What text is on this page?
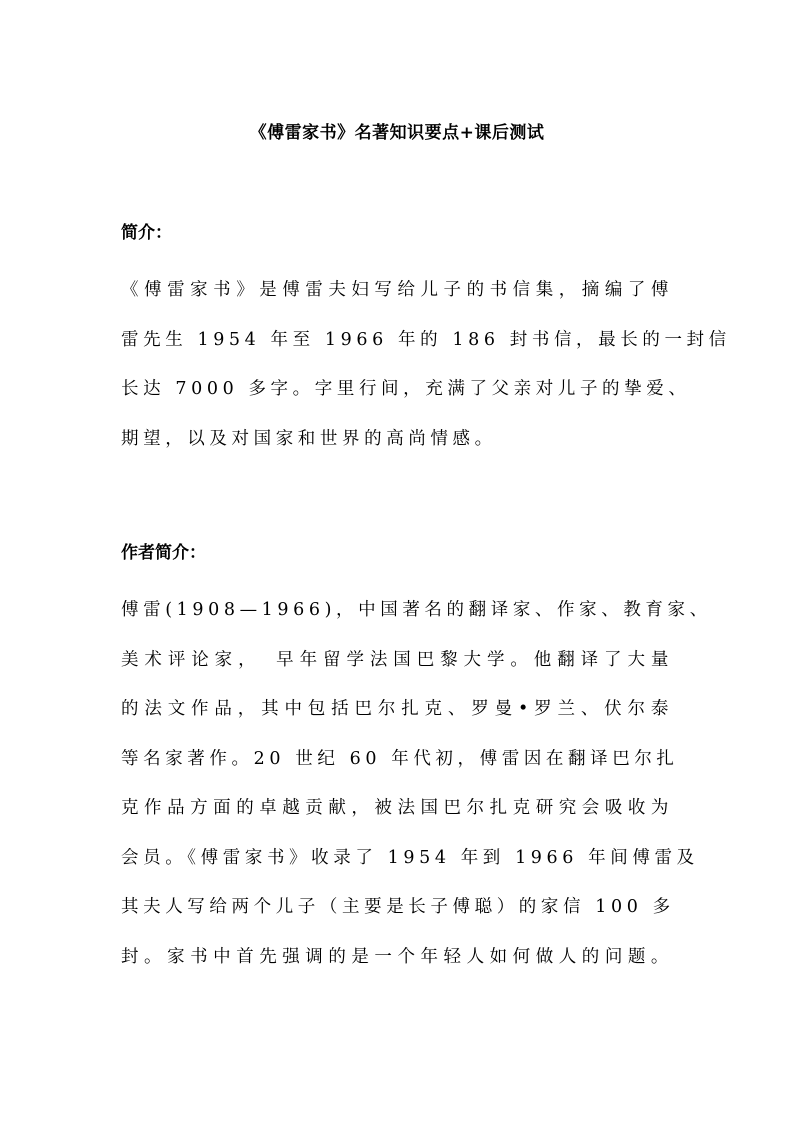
《傅雷家书》名著知识要点+课后测试
简介：
《傅雷家书》是傅雷夫妇写给儿子的书信集，摘编了傅
雷先生 1954 年至 1966 年的 186 封书信，最长的一封信
长达 7000 多字。字里行间，充满了父亲对儿子的挚爱、
期望，以及对国家和世界的高尚情感。
作者简介：
傅雷(1908—1966)，中国著名的翻译家、作家、教育家、
美术评论家，　早年留学法国巴黎大学。他翻译了大量
的法文作品，其中包括巴尔扎克、罗曼•罗兰、伏尔泰
等名家著作。20 世纪 60 年代初，傅雷因在翻译巴尔扎
克作品方面的卓越贡献，被法国巴尔扎克研究会吸收为
会员。《傅雷家书》收录了 1954 年到 1966 年间傅雷及
其夫人写给两个儿子（主要是长子傅聪）的家信 100 多
封。家书中首先强调的是一个年轻人如何做人的问题。
